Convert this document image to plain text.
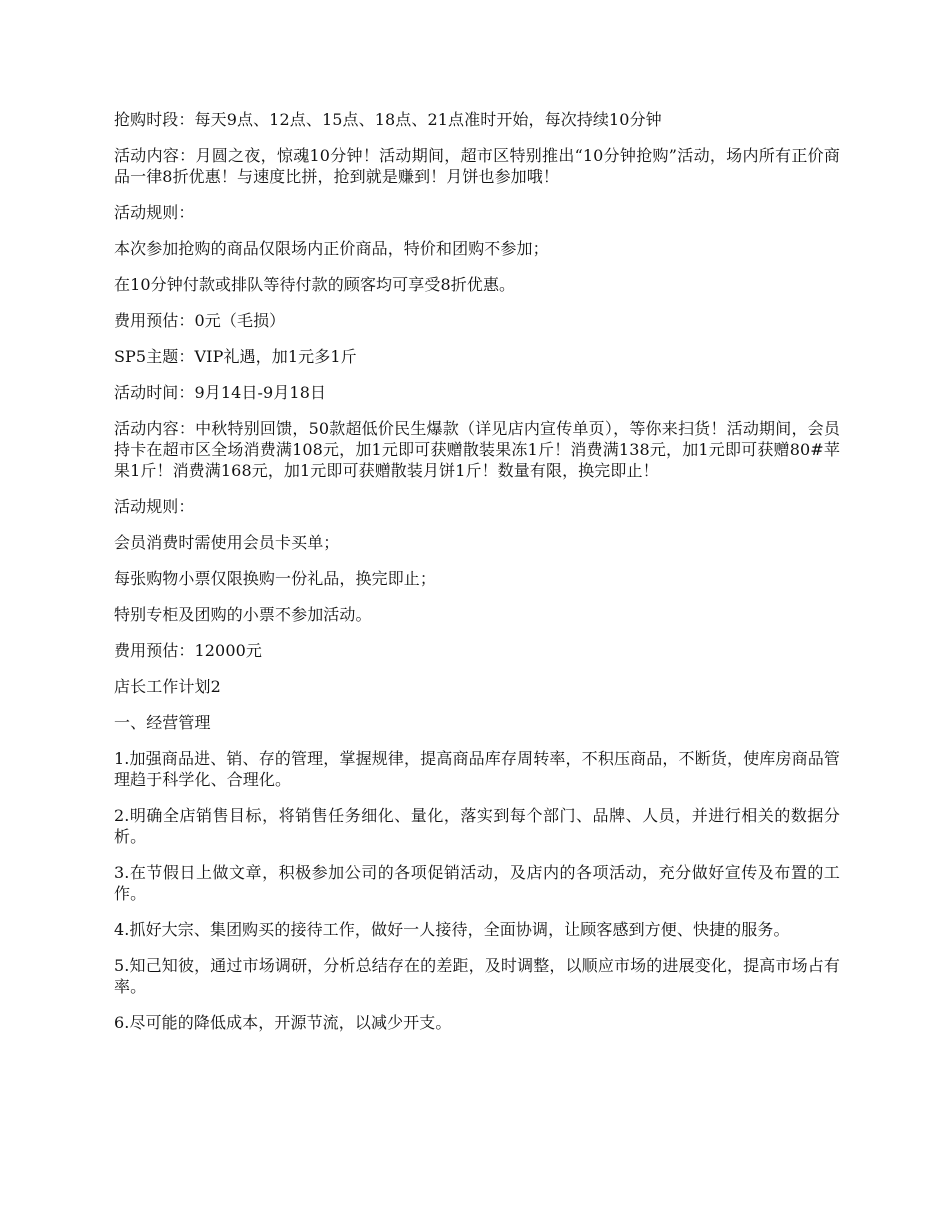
抢购时段：每天9点、12点、15点、18点、21点准时开始，每次持续10分钟

活动内容：月圆之夜，惊魂10分钟！活动期间，超市区特别推出“10分钟抢购”活动，场内所有正价商品一律8折优惠！与速度比拼，抢到就是赚到！月饼也参加哦！

活动规则：

本次参加抢购的商品仅限场内正价商品，特价和团购不参加；

在10分钟付款或排队等待付款的顾客均可享受8折优惠。

费用预估：0元（毛损）

SP5主题：VIP礼遇，加1元多1斤

活动时间：9月14日-9月18日

活动内容：中秋特别回馈，50款超低价民生爆款（详见店内宣传单页），等你来扫货！活动期间，会员持卡在超市区全场消费满108元，加1元即可获赠散装果冻1斤！消费满138元，加1元即可获赠80#苹果1斤！消费满168元，加1元即可获赠散装月饼1斤！数量有限，换完即止！

活动规则：

会员消费时需使用会员卡买单；

每张购物小票仅限换购一份礼品，换完即止；

特别专柜及团购的小票不参加活动。

费用预估：12000元

店长工作计划2

一、经营管理

1.加强商品进、销、存的管理，掌握规律，提高商品库存周转率，不积压商品，不断货，使库房商品管理趋于科学化、合理化。

2.明确全店销售目标，将销售任务细化、量化，落实到每个部门、品牌、人员，并进行相关的数据分析。

3.在节假日上做文章，积极参加公司的各项促销活动，及店内的各项活动，充分做好宣传及布置的工作。

4.抓好大宗、集团购买的接待工作，做好一人接待，全面协调，让顾客感到方便、快捷的服务。

5.知己知彼，通过市场调研，分析总结存在的差距，及时调整，以顺应市场的进展变化，提高市场占有率。

6.尽可能的降低成本，开源节流，以减少开支。
